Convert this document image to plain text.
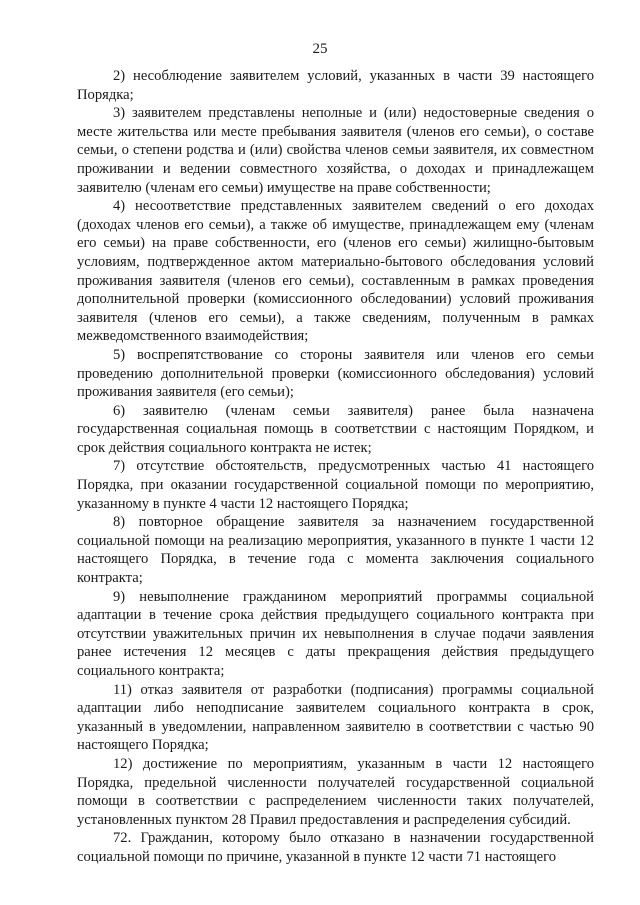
25

2) несоблюдение заявителем условий, указанных в части 39 настоящего Порядка;

3) заявителем представлены неполные и (или) недостоверные сведения о месте жительства или месте пребывания заявителя (членов его семьи), о составе семьи, о степени родства и (или) свойства членов семьи заявителя, их совместном проживании и ведении совместного хозяйства, о доходах и принадлежащем заявителю (членам его семьи) имуществе на праве собственности;

4) несоответствие представленных заявителем сведений о его доходах (доходах членов его семьи), а также об имуществе, принадлежащем ему (членам его семьи) на праве собственности, его (членов его семьи) жилищно-бытовым условиям, подтвержденное актом материально-бытового обследования условий проживания заявителя (членов его семьи), составленным в рамках проведения дополнительной проверки (комиссионного обследовании) условий проживания заявителя (членов его семьи), а также сведениям, полученным в рамках межведомственного взаимодействия;

5) воспрепятствование со стороны заявителя или членов его семьи проведению дополнительной проверки (комиссионного обследования) условий проживания заявителя (его семьи);

6) заявителю (членам семьи заявителя) ранее была назначена государственная социальная помощь в соответствии с настоящим Порядком, и срок действия социального контракта не истек;

7) отсутствие обстоятельств, предусмотренных частью 41 настоящего Порядка, при оказании государственной социальной помощи по мероприятию, указанному в пункте 4 части 12 настоящего Порядка;

8) повторное обращение заявителя за назначением государственной социальной помощи на реализацию мероприятия, указанного в пункте 1 части 12 настоящего Порядка, в течение года с момента заключения социального контракта;

9) невыполнение гражданином мероприятий программы социальной адаптации в течение срока действия предыдущего социального контракта при отсутствии уважительных причин их невыполнения в случае подачи заявления ранее истечения 12 месяцев с даты прекращения действия предыдущего социального контракта;

11) отказ заявителя от разработки (подписания) программы социальной адаптации либо неподписание заявителем социального контракта в срок, указанный в уведомлении, направленном заявителю в соответствии с частью 90 настоящего Порядка;

12) достижение по мероприятиям, указанным в части 12 настоящего Порядка, предельной численности получателей государственной социальной помощи в соответствии с распределением численности таких получателей, установленных пунктом 28 Правил предоставления и распределения субсидий.

72. Гражданин, которому было отказано в назначении государственной социальной помощи по причине, указанной в пункте 12 части 71 настоящего
